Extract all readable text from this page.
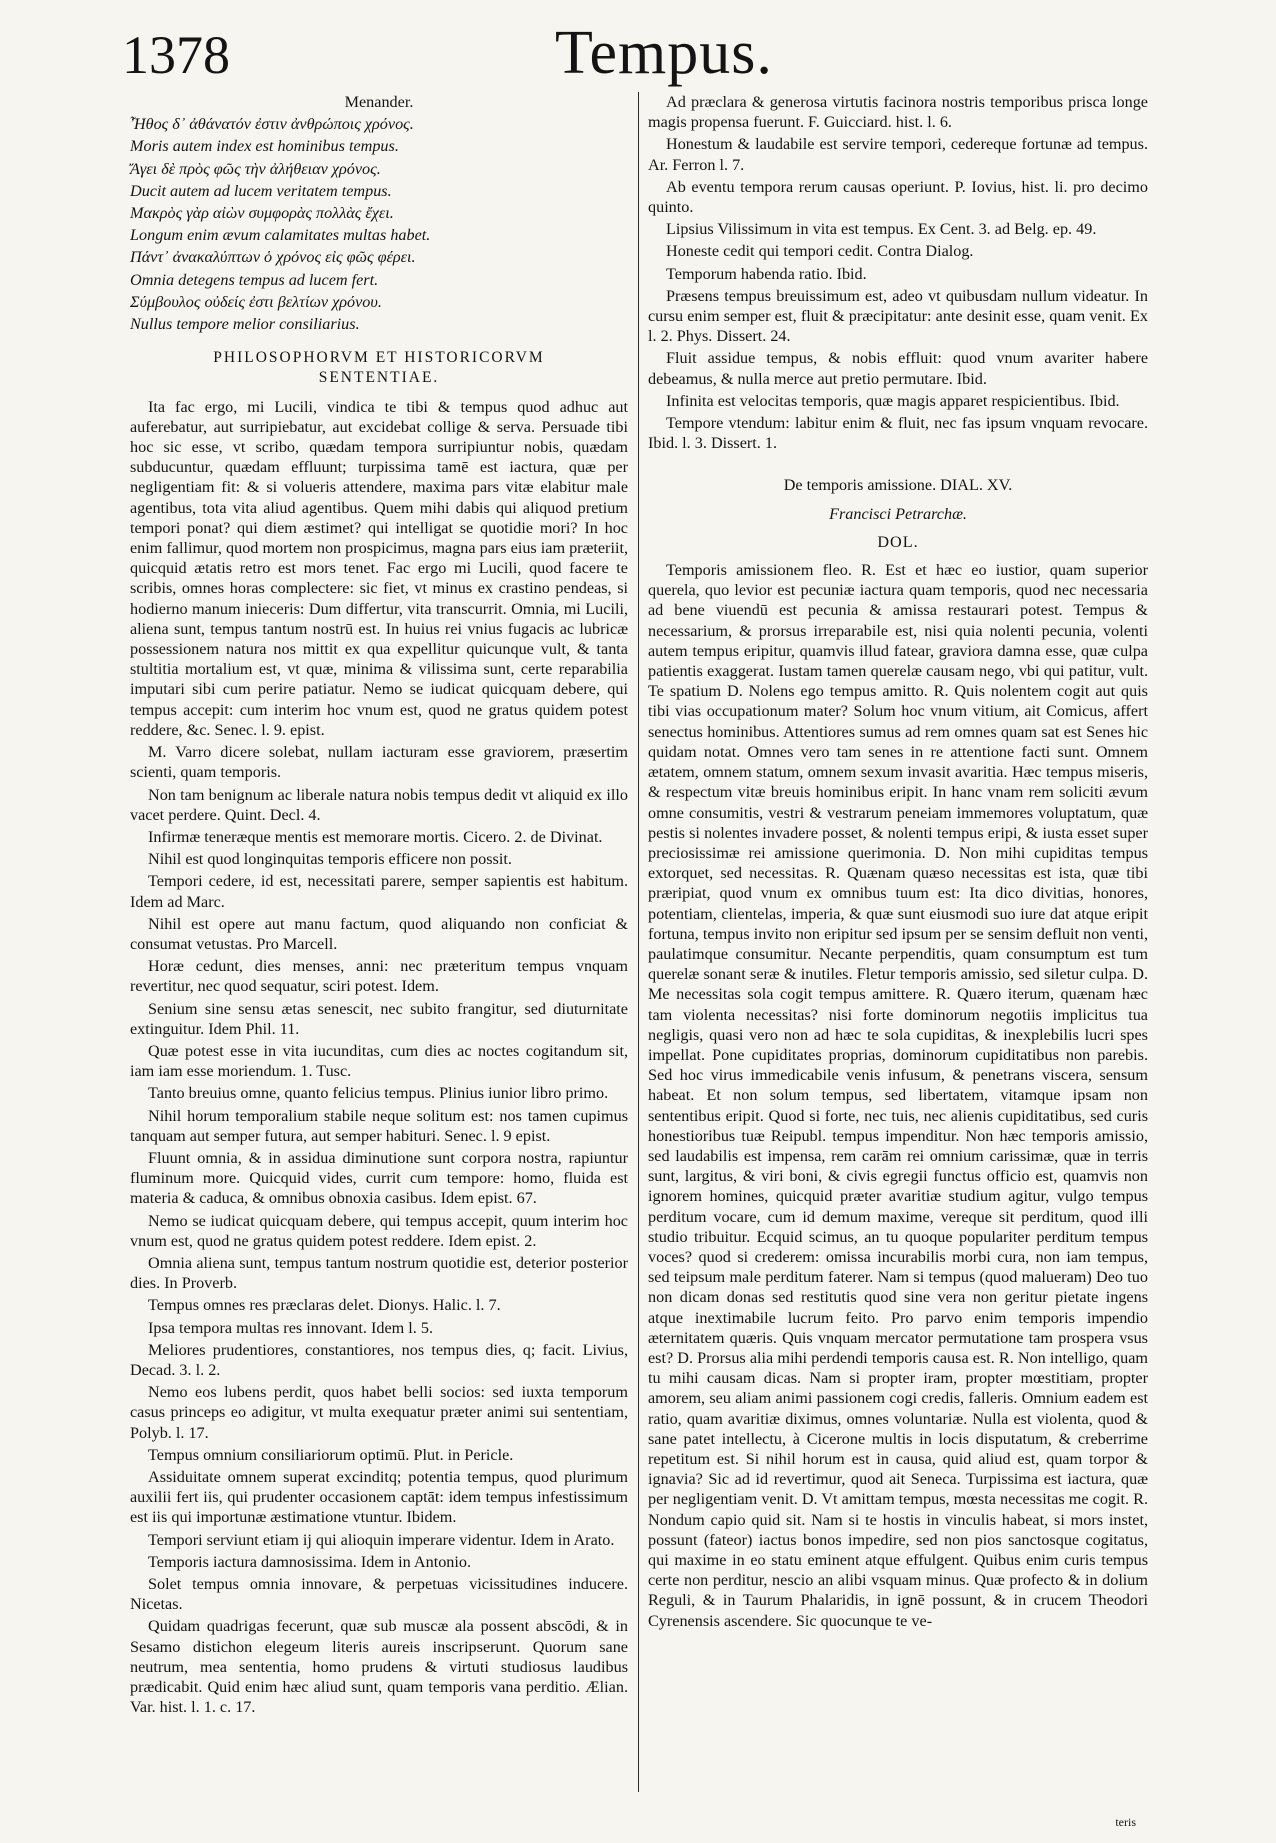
1378	Tempus.

Menander.

Ἦθος δ᾽ ἀθάνατόν ἐστιν ἀνθρώποις χρόνος.

Moris autem index est hominibus tempus.

Ἄγει δὲ πρὸς φῶς τὴν ἀλήθειαν χρόνος.

Ducit autem ad lucem veritatem tempus.

Μακρὸς γὰρ αἰὼν συμφορὰς πολλὰς ἔχει.

Longum enim ævum calamitates multas habet.

Πάντ᾽ ἀνακαλύπτων ὁ χρόνος εἰς φῶς φέρει.

Omnia detegens tempus ad lucem fert.

Σύμβουλος οὐδείς ἐστι βελτίων χρόνου.

Nullus tempore melior consiliarius.

PHILOSOPHORVM ET HISTORICORVM
SENTENTIAE.

Ita fac ergo, mi Lucili, vindica te tibi & tempus quod adhuc aut auferebatur, aut surripiebatur, aut excidebat collige & serva. Persuade tibi hoc sic esse, vt scribo, quædam tempora surripiuntur nobis, quædam subducuntur, quædam effluunt; turpissima tamē est iactura, quæ per negligentiam fit: & si volueris attendere, maxima pars vitæ elabitur male agentibus, tota vita aliud agentibus. Quem mihi dabis qui aliquod pretium tempori ponat? qui diem æstimet? qui intelligat se quotidie mori? In hoc enim fallimur, quod mortem non prospicimus, magna pars eius iam præteriit, quicquid ætatis retro est mors tenet. Fac ergo mi Lucili, quod facere te scribis, omnes horas complectere: sic fiet, vt minus ex crastino pendeas, si hodierno manum inieceris: Dum differtur, vita transcurrit. Omnia, mi Lucili, aliena sunt, tempus tantum nostrū est. In huius rei vnius fugacis ac lubricæ possessionem natura nos mittit ex qua expellitur quicunque vult, & tanta stultitia mortalium est, vt quæ, minima & vilissima sunt, certe reparabilia imputari sibi cum perire patiatur. Nemo se iudicat quicquam debere, qui tempus accepit: cum interim hoc vnum est, quod ne gratus quidem potest reddere, &c. Senec. l. 9. epist.

M. Varro dicere solebat, nullam iacturam esse graviorem, præsertim scienti, quam temporis.

Non tam benignum ac liberale natura nobis tempus dedit vt aliquid ex illo vacet perdere. Quint. Decl. 4.

Infirmæ teneræque mentis est memorare mortis. Cicero. 2. de Divinat.

Nihil est quod longinquitas temporis efficere non possit.

Tempori cedere, id est, necessitati parere, semper sapientis est habitum. Idem ad Marc.

Nihil est opere aut manu factum, quod aliquando non conficiat & consumat vetustas. Pro Marcell.

Horæ cedunt, dies menses, anni: nec præteritum tempus vnquam revertitur, nec quod sequatur, sciri potest. Idem.

Senium sine sensu ætas senescit, nec subito frangitur, sed diuturnitate extinguitur. Idem Phil. 11.

Quæ potest esse in vita iucunditas, cum dies ac noctes cogitandum sit, iam iam esse moriendum. 1. Tusc.

Tanto breuius omne, quanto felicius tempus. Plinius iunior libro primo.

Nihil horum temporalium stabile neque solitum est: nos tamen cupimus tanquam aut semper futura, aut semper habituri. Senec. l. 9 epist.

Fluunt omnia, & in assidua diminutione sunt corpora nostra, rapiuntur fluminum more. Quicquid vides, currit cum tempore: homo, fluida est materia & caduca, & omnibus obnoxia casibus. Idem epist. 67.

Nemo se iudicat quicquam debere, qui tempus accepit, quum interim hoc vnum est, quod ne gratus quidem potest reddere. Idem epist. 2.

Omnia aliena sunt, tempus tantum nostrum quotidie est, deterior posterior dies. In Proverb.

Tempus omnes res præclaras delet. Dionys. Halic. l. 7.

Ipsa tempora multas res innovant. Idem l. 5.

Meliores prudentiores, constantiores, nos tempus dies, q; facit. Livius, Decad. 3. l. 2.

Nemo eos lubens perdit, quos habet belli socios: sed iuxta temporum casus princeps eo adigitur, vt multa exequatur præter animi sui sententiam, Polyb. l. 17.

Tempus omnium consiliariorum optimū. Plut. in Pericle.

Assiduitate omnem superat excinditq; potentia tempus, quod plurimum auxilii fert iis, qui prudenter occasionem captāt: idem tempus infestissimum est iis qui importunæ æstimatione vtuntur. Ibidem.

Tempori serviunt etiam ij qui alioquin imperare videntur. Idem in Arato.

Temporis iactura damnosissima. Idem in Antonio.

Solet tempus omnia innovare, & perpetuas vicissitudines inducere. Nicetas.

Quidam quadrigas fecerunt, quæ sub muscæ ala possent abscōdi, & in Sesamo distichon elegeum literis aureis inscripserunt. Quorum sane neutrum, mea sententia, homo prudens & virtuti studiosus laudibus prædicabit. Quid enim hæc aliud sunt, quam temporis vana perditio. Ælian. Var. hist. l. 1. c. 17.

Ad præclara & generosa virtutis facinora nostris temporibus prisca longe magis propensa fuerunt. F. Guicciard. hist. l. 6.

Honestum & laudabile est servire tempori, cedereque fortunæ ad tempus. Ar. Ferron l. 7.

Ab eventu tempora rerum causas operiunt. P. Iovius, hist. li. pro decimo quinto.

Lipsius Vilissimum in vita est tempus. Ex Cent. 3. ad Belg. ep. 49.

Honeste cedit qui tempori cedit. Contra Dialog.

Temporum habenda ratio. Ibid.

Præsens tempus breuissimum est, adeo vt quibusdam nullum videatur. In cursu enim semper est, fluit & præcipitatur: ante desinit esse, quam venit. Ex l. 2. Phys. Dissert. 24.

Fluit assidue tempus, & nobis effluit: quod vnum avariter habere debeamus, & nulla merce aut pretio permutare. Ibid.

Infinita est velocitas temporis, quæ magis apparet respicientibus. Ibid.

Tempore vtendum: labitur enim & fluit, nec fas ipsum vnquam revocare. Ibid. l. 3. Dissert. 1.

De temporis amissione. DIAL. XV.

Francisci Petrarchæ.

DOL.

Temporis amissionem fleo. R. Est et hæc eo iustior, quam superior querela, quo levior est pecuniæ iactura quam temporis, quod nec necessaria ad bene viuendū est pecunia & amissa restaurari potest. Tempus & necessarium, & prorsus irreparabile est, nisi quia nolenti pecunia, volenti autem tempus eripitur, quamvis illud fatear, graviora damna esse, quæ culpa patientis exaggerat. Iustam tamen querelæ causam nego, vbi qui patitur, vult. Te spatium D. Nolens ego tempus amitto. R. Quis nolentem cogit aut quis tibi vias occupationum mater? Solum hoc vnum vitium, ait Comicus, affert senectus hominibus. Attentiores sumus ad rem omnes quam sat est Senes hic quidam notat. Omnes vero tam senes in re attentione facti sunt. Omnem ætatem, omnem statum, omnem sexum invasit avaritia. Hæc tempus miseris, & respectum vitæ breuis hominibus eripit. In hanc vnam rem soliciti ævum omne consumitis, vestri & vestrarum peneiam immemores voluptatum, quæ pestis si nolentes invadere posset, & nolenti tempus eripi, & iusta esset super preciosissimæ rei amissione querimonia. D. Non mihi cupiditas tempus extorquet, sed necessitas. R. Quænam quæso necessitas est ista, quæ tibi præripiat, quod vnum ex omnibus tuum est: Ita dico divitias, honores, potentiam, clientelas, imperia, & quæ sunt eiusmodi suo iure dat atque eripit fortuna, tempus invito non eripitur sed ipsum per se sensim defluit non venti, paulatimque consumitur. Necante perpenditis, quam consumptum est tum querelæ sonant seræ & inutiles. Fletur temporis amissio, sed siletur culpa. D. Me necessitas sola cogit tempus amittere. R. Quæro iterum, quænam hæc tam violenta necessitas? nisi forte dominorum negotiis implicitus tua negligis, quasi vero non ad hæc te sola cupiditas, & inexplebilis lucri spes impellat. Pone cupiditates proprias, dominorum cupiditatibus non parebis. Sed hoc virus immedicabile venis infusum, & penetrans viscera, sensum habeat. Et non solum tempus, sed libertatem, vitamque ipsam non sententibus eripit. Quod si forte, nec tuis, nec alienis cupiditatibus, sed curis honestioribus tuæ Reipubl. tempus impenditur. Non hæc temporis amissio, sed laudabilis est impensa, rem carām rei omnium carissimæ, quæ in terris sunt, largitus, & viri boni, & civis egregii functus officio est, quamvis non ignorem homines, quicquid præter avaritiæ studium agitur, vulgo tempus perditum vocare, cum id demum maxime, vereque sit perditum, quod illi studio tribuitur. Ecquid scimus, an tu quoque populariter perditum tempus voces? quod si crederem: omissa incurabilis morbi cura, non iam tempus, sed teipsum male perditum faterer. Nam si tempus (quod malueram) Deo tuo non dicam donas sed restitutis quod sine vera non geritur pietate ingens atque inextimabile lucrum feito. Pro parvo enim temporis impendio æternitatem quæris. Quis vnquam mercator permutatione tam prospera vsus est? D. Prorsus alia mihi perdendi temporis causa est. R. Non intelligo, quam tu mihi causam dicas. Nam si propter iram, propter mœstitiam, propter amorem, seu aliam animi passionem cogi credis, falleris. Omnium eadem est ratio, quam avaritiæ diximus, omnes voluntariæ. Nulla est violenta, quod & sane patet intellectu, à Cicerone multis in locis disputatum, & creberrime repetitum est. Si nihil horum est in causa, quid aliud est, quam torpor & ignavia? Sic ad id revertimur, quod ait Seneca. Turpissima est iactura, quæ per negligentiam venit. D. Vt amittam tempus, mœsta necessitas me cogit. R. Nondum capio quid sit. Nam si te hostis in vinculis habeat, si mors instet, possunt (fateor) iactus bonos impedire, sed non pios sanctosque cogitatus, qui maxime in eo statu eminent atque effulgent. Quibus enim curis tempus certe non perditur, nescio an alibi vsquam minus. Quæ profecto & in dolium Reguli, & in Taurum Phalaridis, in ignē possunt, & in crucem Theodori Cyrenensis ascendere. Sic quocunque te ve-

teris
